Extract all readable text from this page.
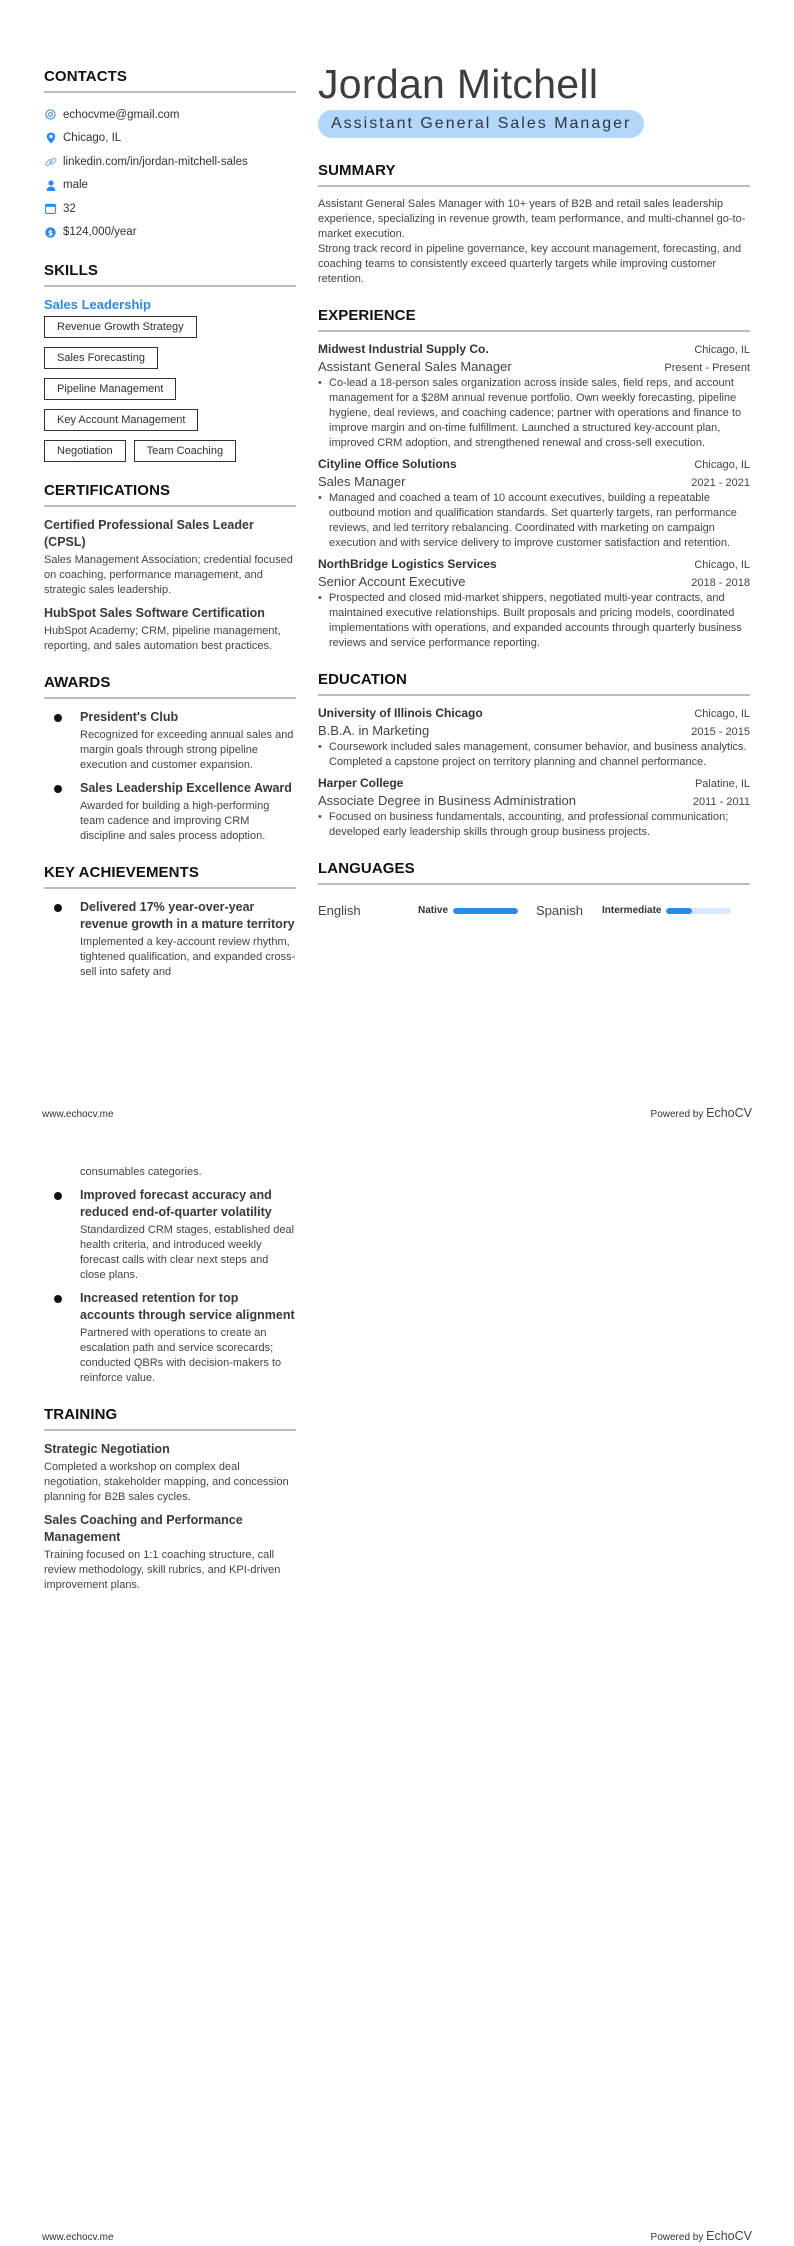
CONTACTS
echocvme@gmail.com
Chicago, IL
linkedin.com/in/jordan-mitchell-sales
male
32
$ $124,000/year
SKILLS
Sales Leadership
Revenue Growth Strategy
Sales Forecasting
Pipeline Management
Key Account Management
Negotiation	Team Coaching
CERTIFICATIONS
Certified Professional Sales Leader (CPSL)
Sales Management Association; credential focused on coaching, performance management, and strategic sales leadership.
HubSpot Sales Software Certification
HubSpot Academy; CRM, pipeline management, reporting, and sales automation best practices.
AWARDS
President's Club
Recognized for exceeding annual sales and margin goals through strong pipeline execution and customer expansion.
Sales Leadership Excellence Award
Awarded for building a high-performing team cadence and improving CRM discipline and sales process adoption.
KEY ACHIEVEMENTS
Delivered 17% year-over-year revenue growth in a mature territory
Implemented a key-account review rhythm, tightened qualification, and expanded cross-sell into safety and
Jordan Mitchell
Assistant General Sales Manager
SUMMARY

Assistant General Sales Manager with 10+ years of B2B and retail sales leadership experience, specializing in revenue growth, team performance, and multi-channel go-to-market execution.

Strong track record in pipeline governance, key account management, forecasting, and coaching teams to consistently exceed quarterly targets while improving customer retention.

EXPERIENCE
Midwest Industrial Supply Co.	Chicago, IL
Assistant General Sales Manager	Present - Present
• Co-lead a 18-person sales organization across inside sales, field reps, and account management for a $28M annual revenue portfolio. Own weekly forecasting, pipeline hygiene, deal reviews, and coaching cadence; partner with operations and finance to improve margin and on-time fulfillment. Launched a structured key-account plan, improved CRM adoption, and strengthened renewal and cross-sell execution.
Cityline Office Solutions	Chicago, IL
Sales Manager	2021 - 2021
• Managed and coached a team of 10 account executives, building a repeatable outbound motion and qualification standards. Set quarterly targets, ran performance reviews, and led territory rebalancing. Coordinated with marketing on campaign execution and with service delivery to improve customer satisfaction and retention.
NorthBridge Logistics Services	Chicago, IL
Senior Account Executive	2018 - 2018
• Prospected and closed mid-market shippers, negotiated multi-year contracts, and maintained executive relationships. Built proposals and pricing models, coordinated implementations with operations, and expanded accounts through quarterly business reviews and service performance reporting.
EDUCATION
University of Illinois Chicago	Chicago, IL
B.B.A. in Marketing	2015 - 2015
• Coursework included sales management, consumer behavior, and business analytics. Completed a capstone project on territory planning and channel performance.
Harper College	Palatine, IL
Associate Degree in Business Administration	2011 - 2011
• Focused on business fundamentals, accounting, and professional communication; developed early leadership skills through group business projects.
LANGUAGES
English	Native	Spanish	Intermediate
www.echocv.me	Powered by EchoCV
consumables categories.
Improved forecast accuracy and reduced end-of-quarter volatility
Standardized CRM stages, established deal health criteria, and introduced weekly forecast calls with clear next steps and close plans.
Increased retention for top accounts through service alignment
Partnered with operations to create an escalation path and service scorecards; conducted QBRs with decision-makers to reinforce value.
TRAINING
Strategic Negotiation
Completed a workshop on complex deal negotiation, stakeholder mapping, and concession planning for B2B sales cycles.
Sales Coaching and Performance Management
Training focused on 1:1 coaching structure, call review methodology, skill rubrics, and KPI-driven improvement plans.
www.echocv.me	Powered by EchoCV
